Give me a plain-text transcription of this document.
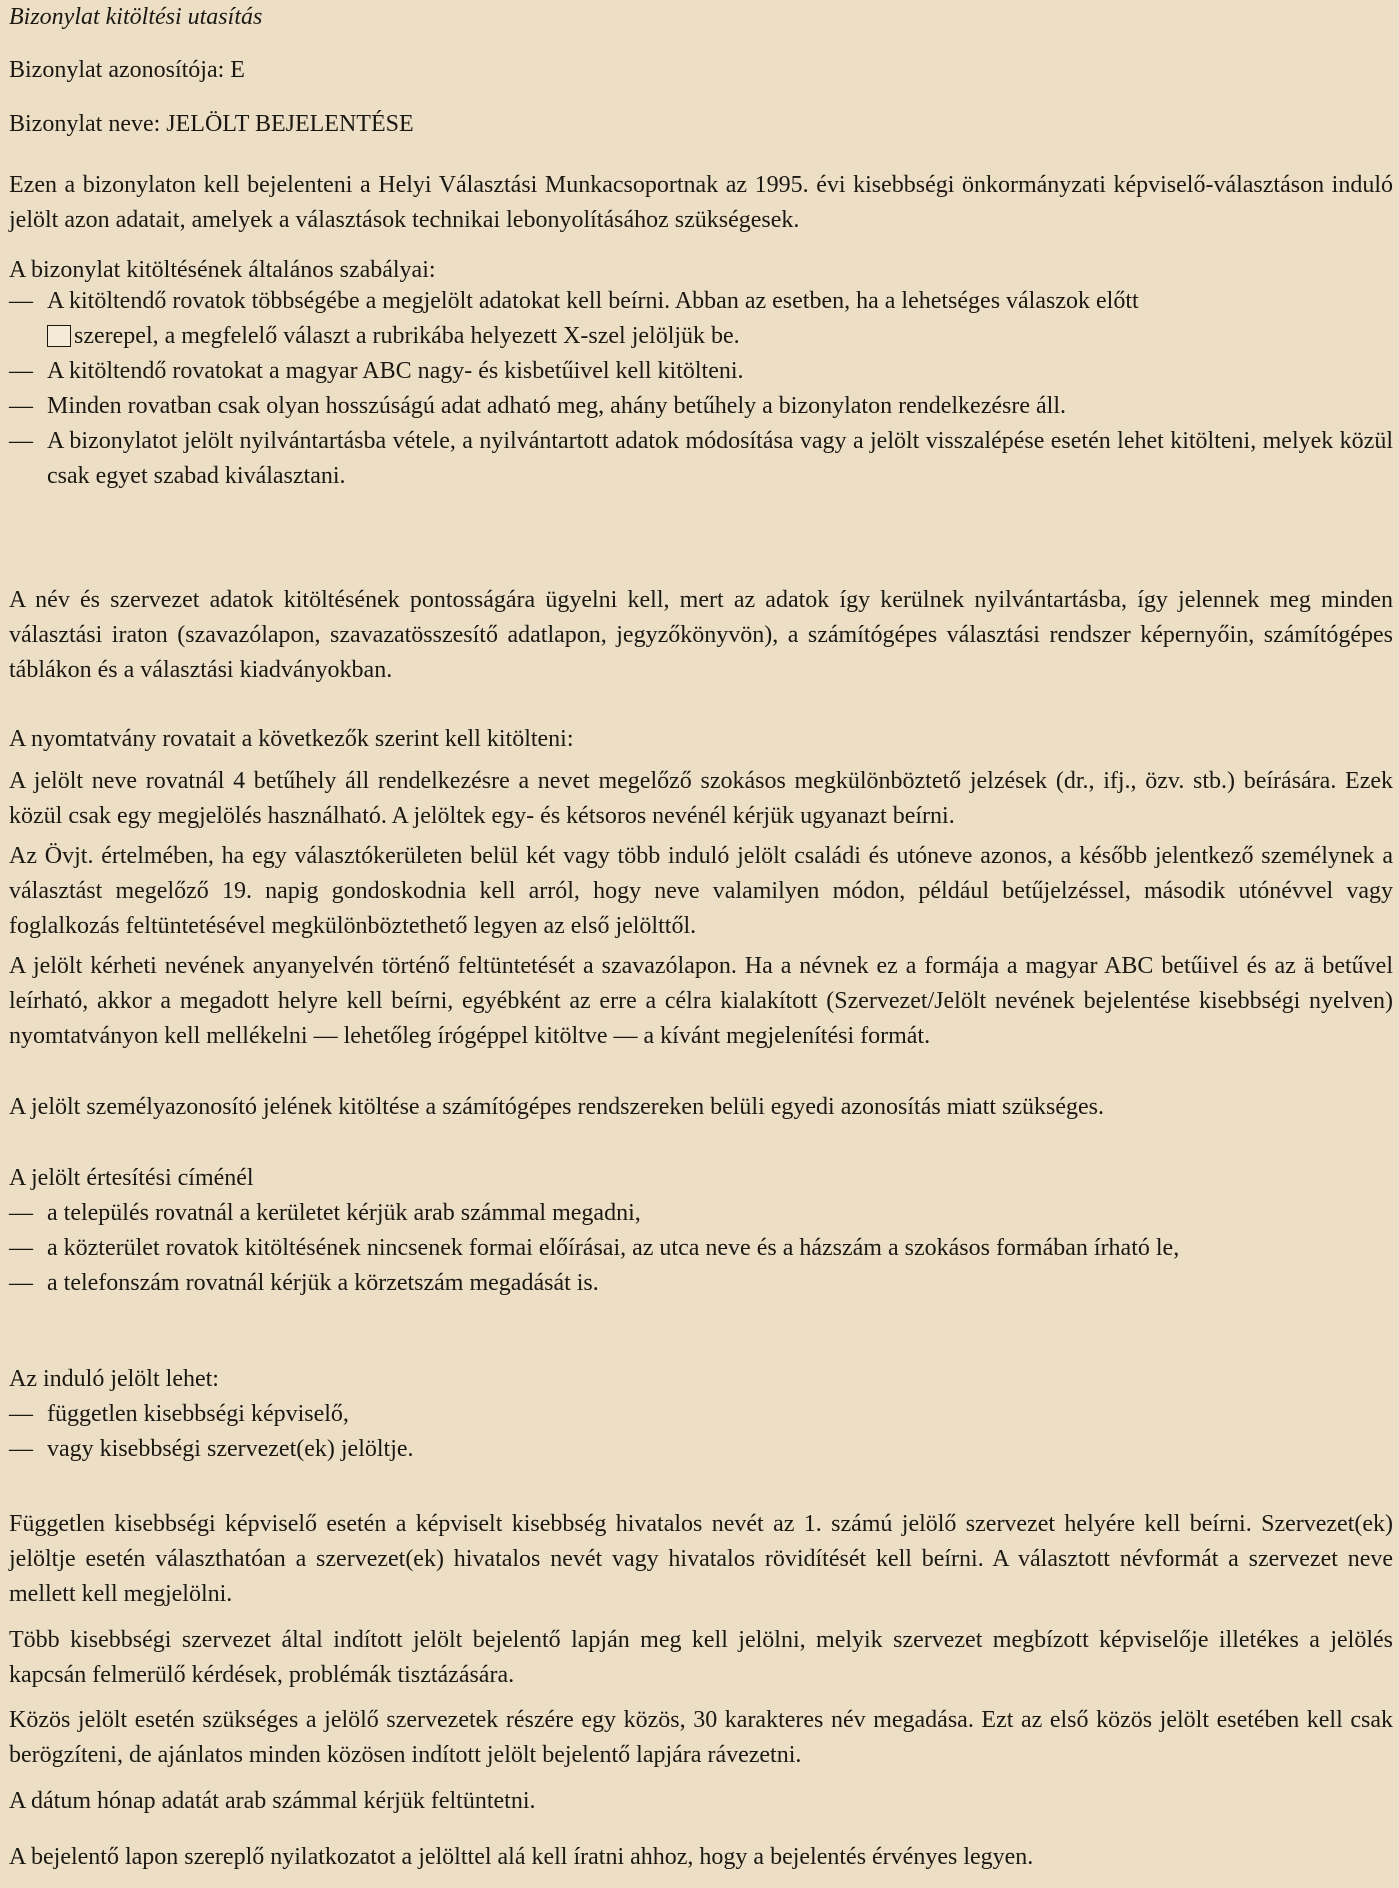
Bizonylat kitöltési utasítás

Bizonylat azonosítója: E

Bizonylat neve: JELÖLT BEJELENTÉSE

Ezen a bizonylaton kell bejelenteni a Helyi Választási Munkacsoportnak az 1995. évi kisebbségi önkormányzati képviselő-választáson induló jelölt azon adatait, amelyek a választások technikai lebonyolításához szükségesek.

A bizonylat kitöltésének általános szabályai:

— A kitöltendő rovatok többségébe a megjelölt adatokat kell beírni. Abban az esetben, ha a lehetséges válaszok előtt
szerepel, a megfelelő választ a rubrikába helyezett X-szel jelöljük be.
— A kitöltendő rovatokat a magyar ABC nagy- és kisbetűivel kell kitölteni.
— Minden rovatban csak olyan hosszúságú adat adható meg, ahány betűhely a bizonylaton rendelkezésre áll.
— A bizonylatot jelölt nyilvántartásba vétele, a nyilvántartott adatok módosítása vagy a jelölt visszalépése esetén lehet kitölteni, melyek közül csak egyet szabad kiválasztani.

A név és szervezet adatok kitöltésének pontosságára ügyelni kell, mert az adatok így kerülnek nyilvántartásba, így jelennek meg minden választási iraton (szavazólapon, szavazatösszesítő adatlapon, jegyzőkönyvön), a számítógépes választási rendszer képernyőin, számítógépes táblákon és a választási kiadványokban.

A nyomtatvány rovatait a következők szerint kell kitölteni:

A jelölt neve rovatnál 4 betűhely áll rendelkezésre a nevet megelőző szokásos megkülönböztető jelzések (dr., ifj., özv. stb.) beírására. Ezek közül csak egy megjelölés használható. A jelöltek egy- és kétsoros nevénél kérjük ugyanazt beírni.

Az Övjt. értelmében, ha egy választókerületen belül két vagy több induló jelölt családi és utóneve azonos, a később jelentkező személynek a választást megelőző 19. napig gondoskodnia kell arról, hogy neve valamilyen módon, például betűjelzéssel, második utónévvel vagy foglalkozás feltüntetésével megkülönböztethető legyen az első jelölttől.

A jelölt kérheti nevének anyanyelvén történő feltüntetését a szavazólapon. Ha a névnek ez a formája a magyar ABC betűivel és az ä betűvel leírható, akkor a megadott helyre kell beírni, egyébként az erre a célra kialakított (Szervezet/Jelölt nevének bejelentése kisebbségi nyelven) nyomtatványon kell mellékelni — lehetőleg írógéppel kitöltve — a kívánt megjelenítési formát.

A jelölt személyazonosító jelének kitöltése a számítógépes rendszereken belüli egyedi azonosítás miatt szükséges.

A jelölt értesítési címénél

— a település rovatnál a kerületet kérjük arab számmal megadni,
— a közterület rovatok kitöltésének nincsenek formai előírásai, az utca neve és a házszám a szokásos formában írható le,
— a telefonszám rovatnál kérjük a körzetszám megadását is.

Az induló jelölt lehet:

— független kisebbségi képviselő,
— vagy kisebbségi szervezet(ek) jelöltje.

Független kisebbségi képviselő esetén a képviselt kisebbség hivatalos nevét az 1. számú jelölő szervezet helyére kell beírni. Szervezet(ek) jelöltje esetén választhatóan a szervezet(ek) hivatalos nevét vagy hivatalos rövidítését kell beírni. A választott névformát a szervezet neve mellett kell megjelölni.

Több kisebbségi szervezet által indított jelölt bejelentő lapján meg kell jelölni, melyik szervezet megbízott képviselője illetékes a jelölés kapcsán felmerülő kérdések, problémák tisztázására.

Közös jelölt esetén szükséges a jelölő szervezetek részére egy közös, 30 karakteres név megadása. Ezt az első közös jelölt esetében kell csak berögzíteni, de ajánlatos minden közösen indított jelölt bejelentő lapjára rávezetni.

A dátum hónap adatát arab számmal kérjük feltüntetni.

A bejelentő lapon szereplő nyilatkozatot a jelölttel alá kell íratni ahhoz, hogy a bejelentés érvényes legyen.
